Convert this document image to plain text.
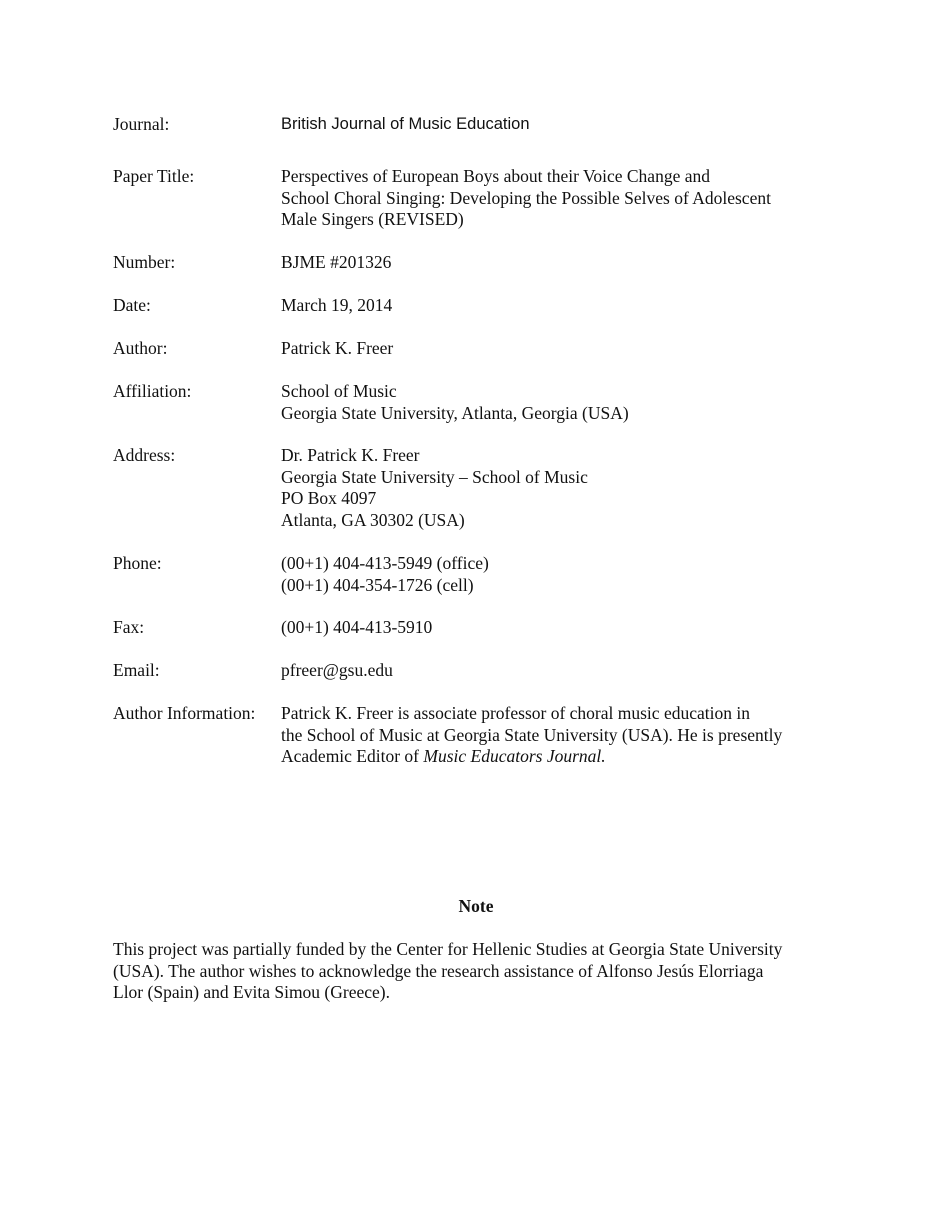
Journal:	British Journal of Music Education
Paper Title:	Perspectives of European Boys about their Voice Change and
School Choral Singing: Developing the Possible Selves of Adolescent
Male Singers (REVISED)
Number:	BJME #201326
Date:	March 19, 2014
Author:	Patrick K. Freer
Affiliation:	School of Music
Georgia State University, Atlanta, Georgia (USA)
Address:	Dr. Patrick K. Freer
Georgia State University – School of Music
PO Box 4097
Atlanta, GA 30302 (USA)
Phone:	(00+1) 404-413-5949 (office)
(00+1) 404-354-1726 (cell)
Fax:	(00+1) 404-413-5910
Email:	pfreer@gsu.edu
Author Information: Patrick K. Freer is associate professor of choral music education in
the School of Music at Georgia State University (USA). He is presently
Academic Editor of Music Educators Journal.
Note
This project was partially funded by the Center for Hellenic Studies at Georgia State University
(USA). The author wishes to acknowledge the research assistance of Alfonso Jesús Elorriaga
Llor (Spain) and Evita Simou (Greece).
